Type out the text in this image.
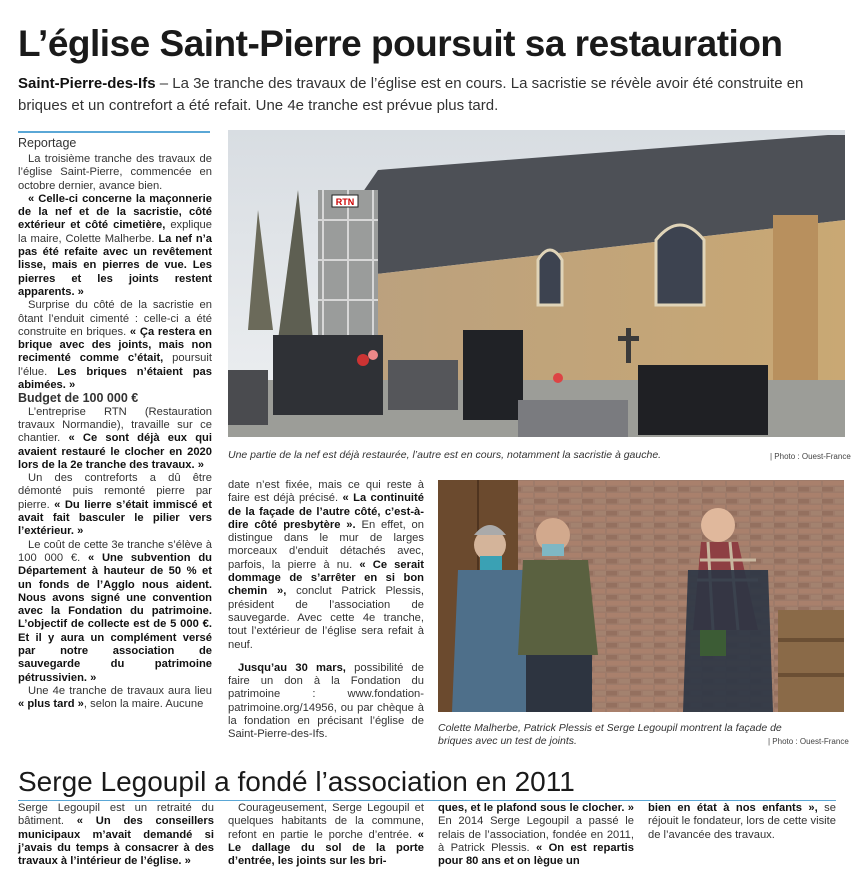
L’église Saint-Pierre poursuit sa restauration
Saint-Pierre-des-Ifs – La 3e tranche des travaux de l’église est en cours. La sacristie se révèle avoir été construite en briques et un contrefort a été refait. Une 4e tranche est prévue plus tard.
Reportage

La troisième tranche des travaux de l’église Saint-Pierre, commencée en octobre dernier, avance bien.

« Celle-ci concerne la maçonnerie de la nef et de la sacristie, côté extérieur et côté cimetière, explique la maire, Colette Malherbe. La nef n’a pas été refaite avec un revêtement lisse, mais en pierres de vue. Les pierres et les joints restent apparents. »

Surprise du côté de la sacristie en ôtant l’enduit cimenté : celle-ci a été construite en briques. « Ça restera en brique avec des joints, mais non recimenté comme c’était, poursuit l’élue. Les briques n’étaient pas abimées. »

Budget de 100 000 €

L’entreprise RTN (Restauration travaux Normandie), travaille sur ce chantier. « Ce sont déjà eux qui avaient restauré le clocher en 2020 lors de la 2e tranche des travaux. »

Un des contreforts a dû être démonté puis remonté pierre par pierre. « Du lierre s’était immiscé et avait fait basculer le pilier vers l’extérieur. »

Le coût de cette 3e tranche s’élève à 100 000 €. « Une subvention du Département à hauteur de 50 % et un fonds de l’Agglo nous aident. Nous avons signé une convention avec la Fondation du patrimoine. L’objectif de collecte est de 5 000 €. Et il y aura un complément versé par notre association de sauvegarde du patrimoine pétrussivien. »

Une 4e tranche de travaux aura lieu « plus tard », selon la maire. Aucune

date n’est fixée, mais ce qui reste à faire est déjà précisé. « La continuité de la façade de l’autre côté, c’est-à-dire côté presbytère ». En effet, on distingue dans le mur de larges morceaux d’enduit détachés avec, parfois, la pierre à nu. « Ce serait dommage de s’arrêter en si bon chemin », conclut Patrick Plessis, président de l’association de sauvegarde. Avec cette 4e tranche, tout l’extérieur de l’église sera refait à neuf.

Jusqu’au 30 mars, possibilité de faire un don à la Fondation du patrimoine : www.fondation-patrimoine.org/14956, ou par chèque à la fondation en précisant l’église de Saint-Pierre-des-Ifs.

RTN
Une partie de la nef est déjà restaurée, l’autre est en cours, notamment la sacristie à gauche.	| Photo : Ouest-France
Colette Malherbe, Patrick Plessis et Serge Legoupil montrent la façade de briques avec un test de joints.	| Photo : Ouest-France
Serge Legoupil a fondé l’association en 2011

Serge Legoupil est un retraité du bâtiment. « Un des conseillers municipaux m’avait demandé si j’avais du temps à consacrer à des travaux à l’intérieur de l’église. »

Courageusement, Serge Legoupil et quelques habitants de la commune, refont en partie le porche d’entrée. « Le dallage du sol de la porte d’entrée, les joints sur les bri-

ques, et le plafond sous le clocher. » En 2014 Serge Legoupil a passé le relais de l’association, fondée en 2011, à Patrick Plessis. « On est repartis pour 80 ans et on lègue un

bien en état à nos enfants », se réjouit le fondateur, lors de cette visite de l’avancée des travaux.
